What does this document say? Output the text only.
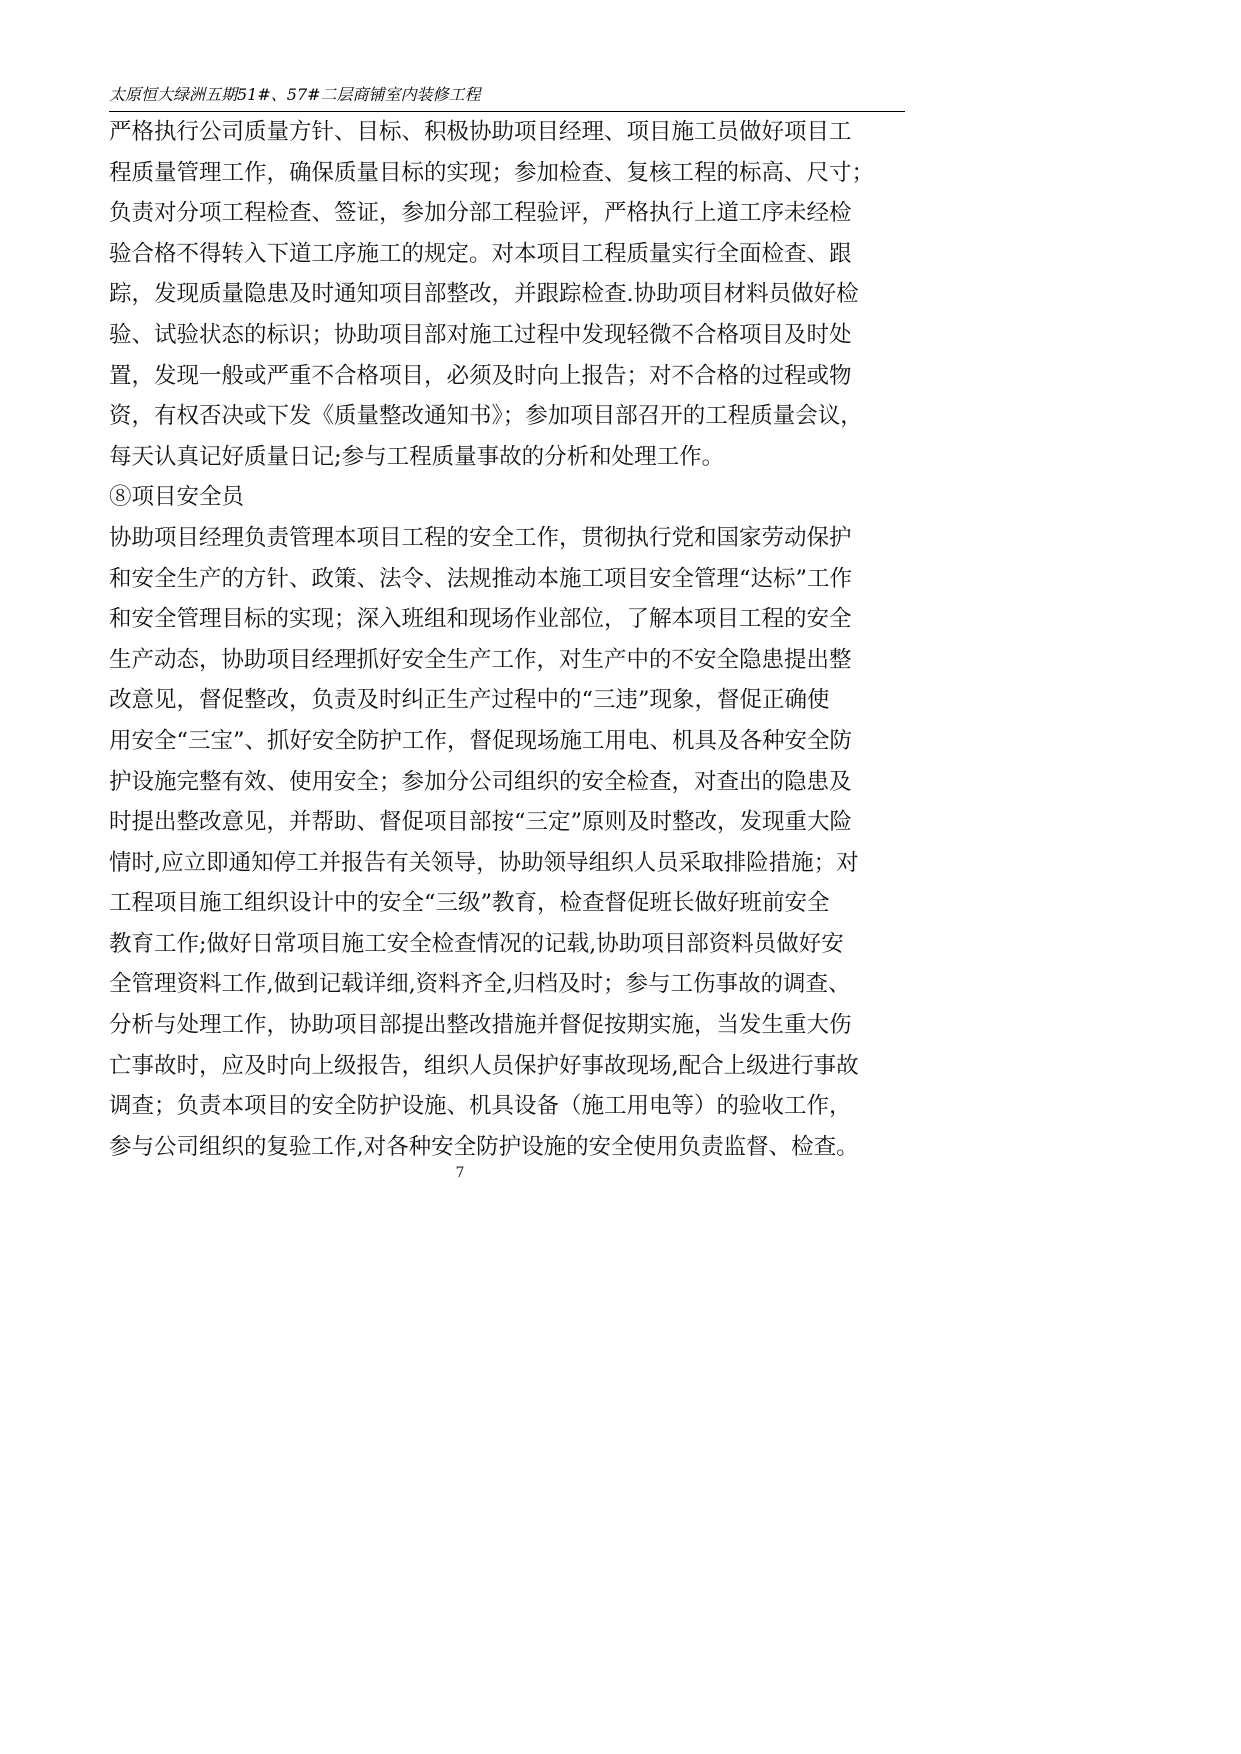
太原恒大绿洲五期51#、57#二层商铺室内装修工程
严格执行公司质量方针、目标、积极协助项目经理、项目施工员做好项目工
程质量管理工作，确保质量目标的实现；参加检查、复核工程的标高、尺寸；
负责对分项工程检查、签证，参加分部工程验评，严格执行上道工序未经检
验合格不得转入下道工序施工的规定。对本项目工程质量实行全面检查、跟
踪，发现质量隐患及时通知项目部整改，并跟踪检查.协助项目材料员做好检
验、试验状态的标识；协助项目部对施工过程中发现轻微不合格项目及时处
置，发现一般或严重不合格项目，必须及时向上报告；对不合格的过程或物
资，有权否决或下发《质量整改通知书》；参加项目部召开的工程质量会议，
每天认真记好质量日记;参与工程质量事故的分析和处理工作。
⑧项目安全员
协助项目经理负责管理本项目工程的安全工作，贯彻执行党和国家劳动保护
和安全生产的方针、政策、法令、法规推动本施工项目安全管理“达标”工作
和安全管理目标的实现；深入班组和现场作业部位，了解本项目工程的安全
生产动态，协助项目经理抓好安全生产工作，对生产中的不安全隐患提出整
改意见，督促整改，负责及时纠正生产过程中的“三违”现象，督促正确使
用安全“三宝”、抓好安全防护工作，督促现场施工用电、机具及各种安全防
护设施完整有效、使用安全；参加分公司组织的安全检查，对查出的隐患及
时提出整改意见，并帮助、督促项目部按“三定”原则及时整改，发现重大险
情时,应立即通知停工并报告有关领导，协助领导组织人员采取排险措施；对
工程项目施工组织设计中的安全“三级”教育，检查督促班长做好班前安全
教育工作;做好日常项目施工安全检查情况的记载,协助项目部资料员做好安
全管理资料工作,做到记载详细,资料齐全,归档及时；参与工伤事故的调查、
分析与处理工作，协助项目部提出整改措施并督促按期实施，当发生重大伤
亡事故时，应及时向上级报告，组织人员保护好事故现场,配合上级进行事故
调查；负责本项目的安全防护设施、机具设备（施工用电等）的验收工作，
参与公司组织的复验工作,对各种安全防护设施的安全使用负责监督、检查。
7
